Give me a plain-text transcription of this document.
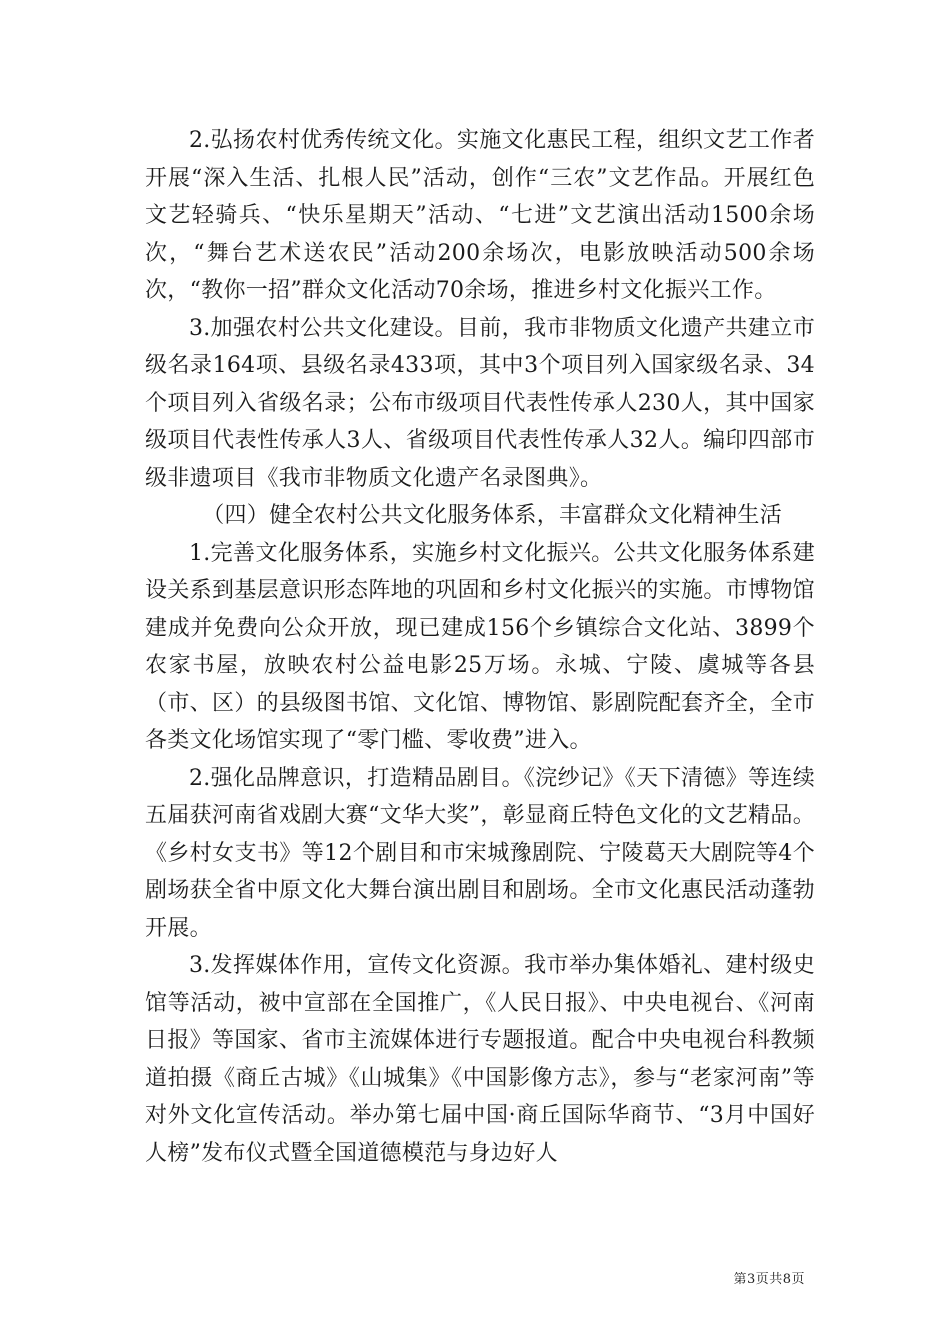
2.弘扬农村优秀传统文化。实施文化惠民工程，组织文艺工作者开展“深入生活、扎根人民”活动，创作“三农”文艺作品。开展红色文艺轻骑兵、“快乐星期天”活动、“七进”文艺演出活动1500余场次，“舞台艺术送农民”活动200余场次，电影放映活动500余场次，“教你一招”群众文化活动70余场，推进乡村文化振兴工作。

3.加强农村公共文化建设。目前，我市非物质文化遗产共建立市级名录164项、县级名录433项，其中3个项目列入国家级名录、34个项目列入省级名录；公布市级项目代表性传承人230人，其中国家级项目代表性传承人3人、省级项目代表性传承人32人。编印四部市级非遗项目《我市非物质文化遗产名录图典》。

（四）健全农村公共文化服务体系，丰富群众文化精神生活

1.完善文化服务体系，实施乡村文化振兴。公共文化服务体系建设关系到基层意识形态阵地的巩固和乡村文化振兴的实施。市博物馆建成并免费向公众开放，现已建成156个乡镇综合文化站、3899个农家书屋，放映农村公益电影25万场。永城、宁陵、虞城等各县（市、区）的县级图书馆、文化馆、博物馆、影剧院配套齐全，全市各类文化场馆实现了“零门槛、零收费”进入。

2.强化品牌意识，打造精品剧目。《浣纱记》《天下清德》等连续五届获河南省戏剧大赛“文华大奖”，彰显商丘特色文化的文艺精品。《乡村女支书》等12个剧目和市宋城豫剧院、宁陵葛天大剧院等4个剧场获全省中原文化大舞台演出剧目和剧场。全市文化惠民活动蓬勃开展。

3.发挥媒体作用，宣传文化资源。我市举办集体婚礼、建村级史馆等活动，被中宣部在全国推广，《人民日报》、中央电视台、《河南日报》等国家、省市主流媒体进行专题报道。配合中央电视台科教频道拍摄《商丘古城》《山城集》《中国影像方志》，参与“老家河南”等对外文化宣传活动。举办第七届中国·商丘国际华商节、“3月中国好人榜”发布仪式暨全国道德模范与身边好人

第3页共8页
